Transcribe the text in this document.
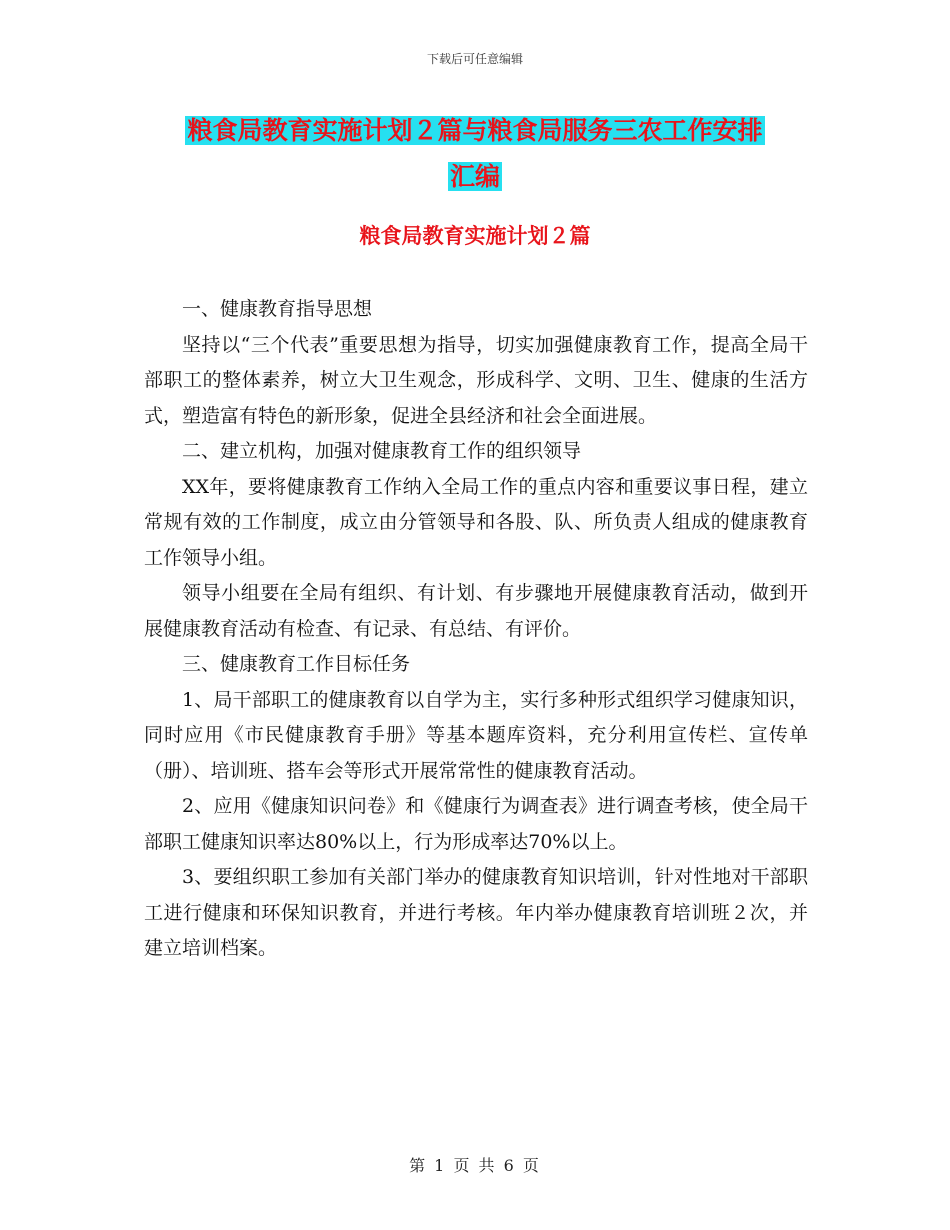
下载后可任意编辑
粮食局教育实施计划２篇与粮食局服务三农工作安排
汇编
粮食局教育实施计划２篇

一、健康教育指导思想

坚持以“三个代表”重要思想为指导，切实加强健康教育工作，提高全局干部职工的整体素养，树立大卫生观念，形成科学、文明、卫生、健康的生活方式，塑造富有特色的新形象，促进全县经济和社会全面进展。

二、建立机构，加强对健康教育工作的组织领导

XX年，要将健康教育工作纳入全局工作的重点内容和重要议事日程，建立常规有效的工作制度，成立由分管领导和各股、队、所负责人组成的健康教育工作领导小组。

领导小组要在全局有组织、有计划、有步骤地开展健康教育活动，做到开展健康教育活动有检查、有记录、有总结、有评价。

三、健康教育工作目标任务

1、局干部职工的健康教育以自学为主，实行多种形式组织学习健康知识，同时应用《市民健康教育手册》等基本题库资料，充分利用宣传栏、宣传单（册）、培训班、搭车会等形式开展常常性的健康教育活动。

2、应用《健康知识问卷》和《健康行为调查表》进行调查考核，使全局干部职工健康知识率达80%以上，行为形成率达70%以上。

3、要组织职工参加有关部门举办的健康教育知识培训，针对性地对干部职工进行健康和环保知识教育，并进行考核。年内举办健康教育培训班２次，并建立培训档案。

第 1 页 共 6 页
